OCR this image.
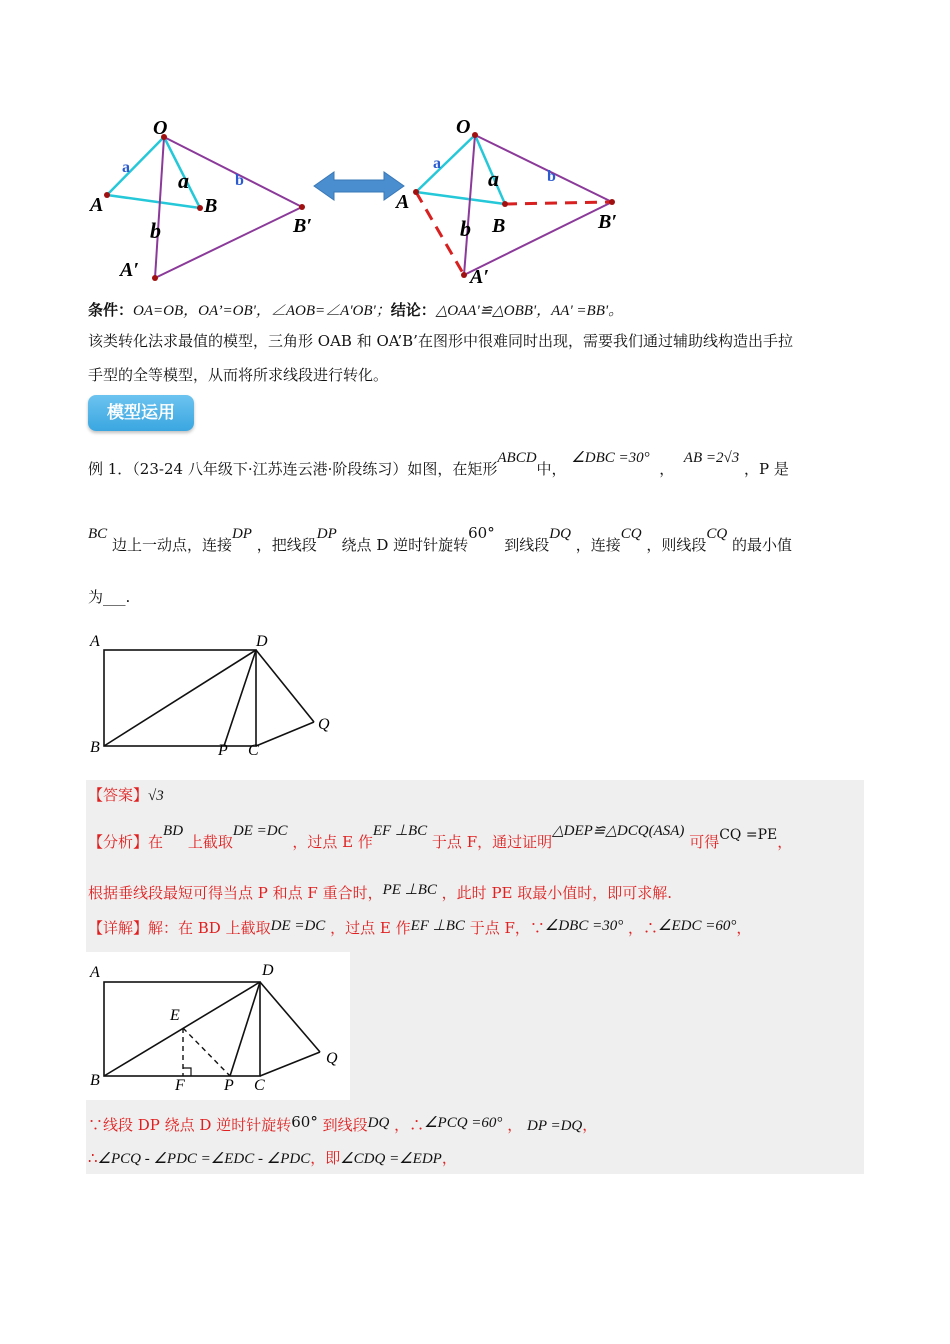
O
a
a	b
b
A	B
B′
A′
O
a
a	b
b
A
B	B′
A′
条件：OA=OB，OA’=OB'，∠AOB=∠A'OB'；结论：△OAA'≌△OBB'，AA' =BB'。
该类转化法求最值的模型，三角形 OAB 和 OA’B’在图形中很难同时出现，需要我们通过辅助线构造出手拉
手型的全等模型，从而将所求线段进行转化。
模型运用
例 1．（23-24 八年级下·江苏连云港·阶段练习）如图，在矩形ABCD中， ∠DBC =30°  ，  AB =2√3 ，P 是
BC 边上一动点，连接DP ，把线段DP 绕点 D 逆时针旋转60°  到线段DQ ，连接CQ ，则线段CQ 的最小值
为___.
A	D
B	P C
Q
【答案】√3
【分析】在BD 上截取DE =DC ，过点 E 作EF ⊥BC 于点 F，通过证明△DEP≌△DCQ(ASA) 可得CQ =PE，
根据垂线段最短可得当点 P 和点 F 重合时，PE ⊥BC ，此时 PE 取最小值时，即可求解.
【详解】解：在 BD 上截取DE =DC ，过点 E 作EF ⊥BC 于点 F，∵∠DBC =30° ，∴∠EDC =60°，
A	D
E
B	F P C
Q
∵线段 DP 绕点 D 逆时针旋转60° 到线段DQ ，∴∠PCQ =60° ， DP =DQ，
∴∠PCQ - ∠PDC =∠EDC - ∠PDC，即∠CDQ =∠EDP，
